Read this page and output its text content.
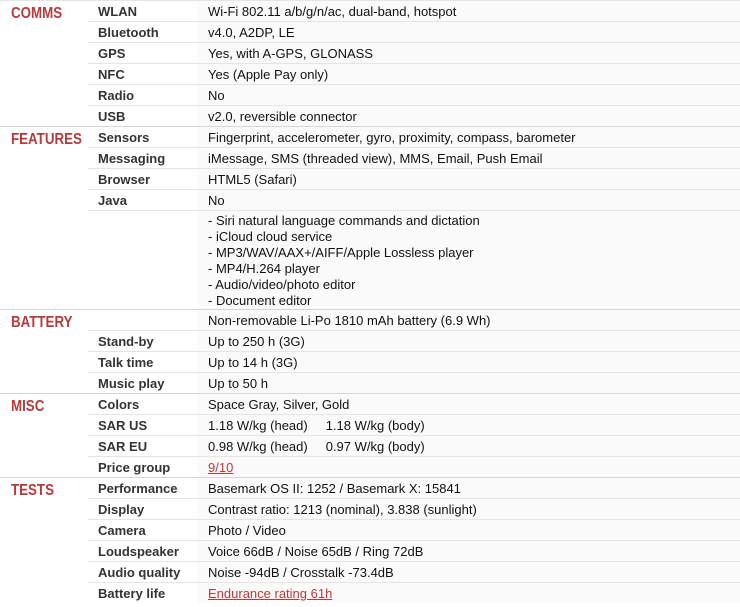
COMMS	WLAN	Wi-Fi 802.11 a/b/g/n/ac, dual-band, hotspot
Bluetooth	v4.0, A2DP, LE
GPS	Yes, with A-GPS, GLONASS
NFC	Yes (Apple Pay only)
Radio	No
USB	v2.0, reversible connector
FEATURES	Sensors	Fingerprint, accelerometer, gyro, proximity, compass, barometer
Messaging	iMessage, SMS (threaded view), MMS, Email, Push Email
Browser	HTML5 (Safari)
Java	No
- Siri natural language commands and dictation
- iCloud cloud service
- MP3/WAV/AAX+/AIFF/Apple Lossless player
- MP4/H.264 player
- Audio/video/photo editor
- Document editor
BATTERY	Non-removable Li-Po 1810 mAh battery (6.9 Wh)
Stand-by	Up to 250 h (3G)
Talk time	Up to 14 h (3G)
Music play	Up to 50 h
MISC	Colors	Space Gray, Silver, Gold
SAR US	1.18 W/kg (head) 1.18 W/kg (body)
SAR EU	0.98 W/kg (head) 0.97 W/kg (body)
Price group	9/10
TESTS	Performance	Basemark OS II: 1252 / Basemark X: 15841
Display	Contrast ratio: 1213 (nominal), 3.838 (sunlight)
Camera	Photo / Video
Loudspeaker	Voice 66dB / Noise 65dB / Ring 72dB
Audio quality	Noise -94dB / Crosstalk -73.4dB
Battery life	Endurance rating 61h
